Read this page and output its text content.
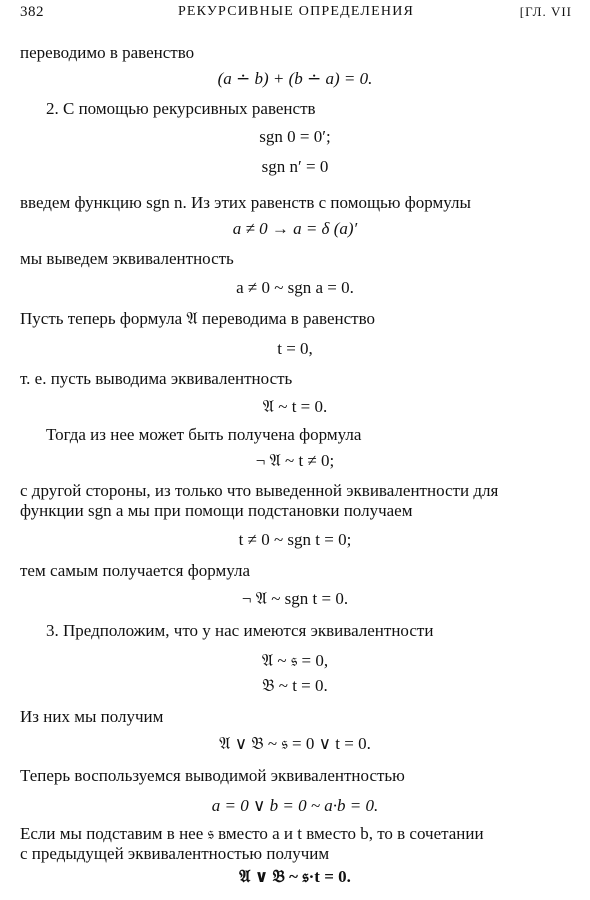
382	РЕКУРСИВНЫЕ ОПРЕДЕЛЕНИЯ	[ГЛ. VII
переводимо в равенство
(a ∸ b) + (b ∸ a) = 0.
2. С помощью рекурсивных равенств
sgn 0 = 0′;
sgn n′ = 0
введем функцию sgn n. Из этих равенств с помощью формулы
a ≠ 0 → a = δ (a)′
мы выведем эквивалентность
a ≠ 0 ~ sgn a = 0.
Пусть теперь формула 𝔄 переводима в равенство
t = 0,
т. е. пусть выводима эквивалентность
𝔄 ~ t = 0.
Тогда из нее может быть получена формула
¬ 𝔄 ~ t ≠ 0;
с другой стороны, из только что выведенной эквивалентности для
функции sgn a мы при помощи подстановки получаем
t ≠ 0 ~ sgn t = 0;
тем самым получается формула
¬ 𝔄 ~ sgn t = 0.
3. Предположим, что у нас имеются эквивалентности
𝔄 ~ 𝔰 = 0,
𝔅 ~ t = 0.
Из них мы получим
𝔄 ∨ 𝔅 ~ 𝔰 = 0 ∨ t = 0.
Теперь воспользуемся выводимой эквивалентностью
a = 0 ∨ b = 0 ~ a·b = 0.
Если мы подставим в нее 𝔰 вместо a и t вместо b, то в сочетании
с предыдущей эквивалентностью получим
𝔄 ∨ 𝔅 ~ 𝔰·t = 0.
